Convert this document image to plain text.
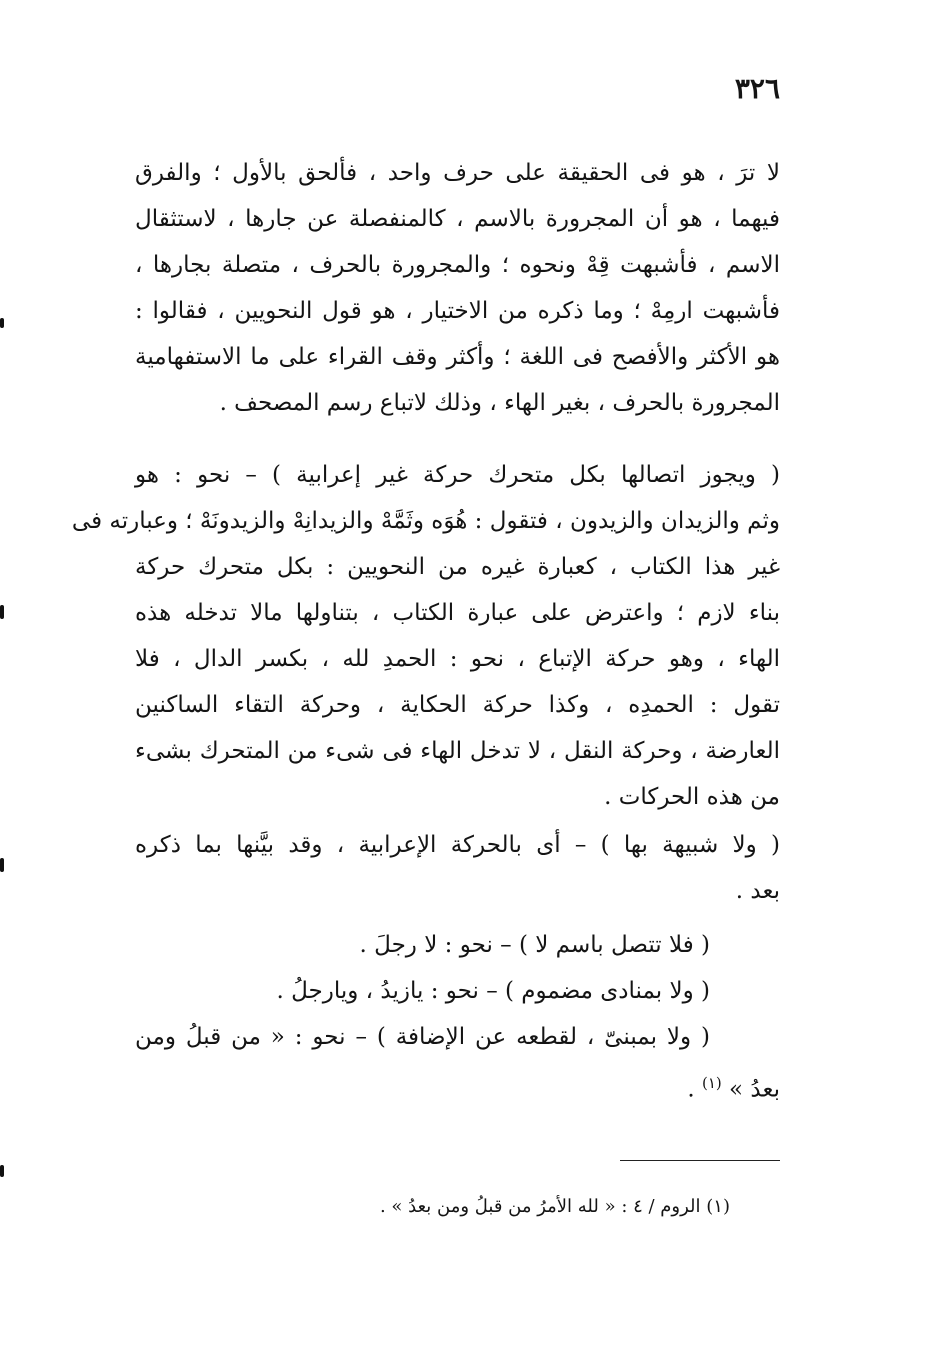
٣٢٦
لا ترَ ، هو فى الحقيقة على حرف واحد ، فألحق بالأول ؛ والفرق
فيهما ، هو أن المجرورة بالاسم ، كالمنفصلة عن جارها ، لاستثقال
الاسم ، فأشبهت قِهْ ونحوه ؛ والمجرورة بالحرف ، متصلة بجارها ،
فأشبهت ارمِهْ ؛ وما ذكره من الاختيار ، هو قول النحويين ، فقالوا :
هو الأكثر والأفصح فى اللغة ؛ وأكثر وقف القراء على ما الاستفهامية
المجرورة بالحرف ، بغير الهاء ، وذلك لاتباع رسم المصحف .
( ويجوز اتصالها بكل متحرك حركة غير إعرابية ) – نحو : هو
وثم والزيدان والزيدون ، فتقول : هُوَه وثَمَّهْ والزيدانِهْ والزيدونَهْ ؛ وعبارته فى
غير هذا الكتاب ، كعبارة غيره من النحويين : بكل متحرك حركة
بناء لازم ؛ واعترض على عبارة الكتاب ، بتناولها مالا تدخله هذه
الهاء ، وهو حركة الإتباع ، نحو : الحمدِ لله ، بكسر الدال ، فلا
تقول : الحمدِه ، وكذا حركة الحكاية ، وحركة التقاء الساكنين
العارضة ، وحركة النقل ، لا تدخل الهاء فى شىء من المتحرك بشىء
من هذه الحركات .
( ولا شبيهة بها ) – أى بالحركة الإعرابية ، وقد بيَّنها بما ذكره
بعد .
( فلا تتصل باسم لا ) – نحو : لا رجلَ .
( ولا بمنادى مضموم ) – نحو : يازيدُ ، ويارجلُ .
( ولا بمبنىّ ، لقطعه عن الإضافة ) – نحو : « من قبلُ ومن
بعدُ » $^{(١)}$ .
(١) الروم / ٤ : « لله الأمرُ من قبلُ ومن بعدُ » .
